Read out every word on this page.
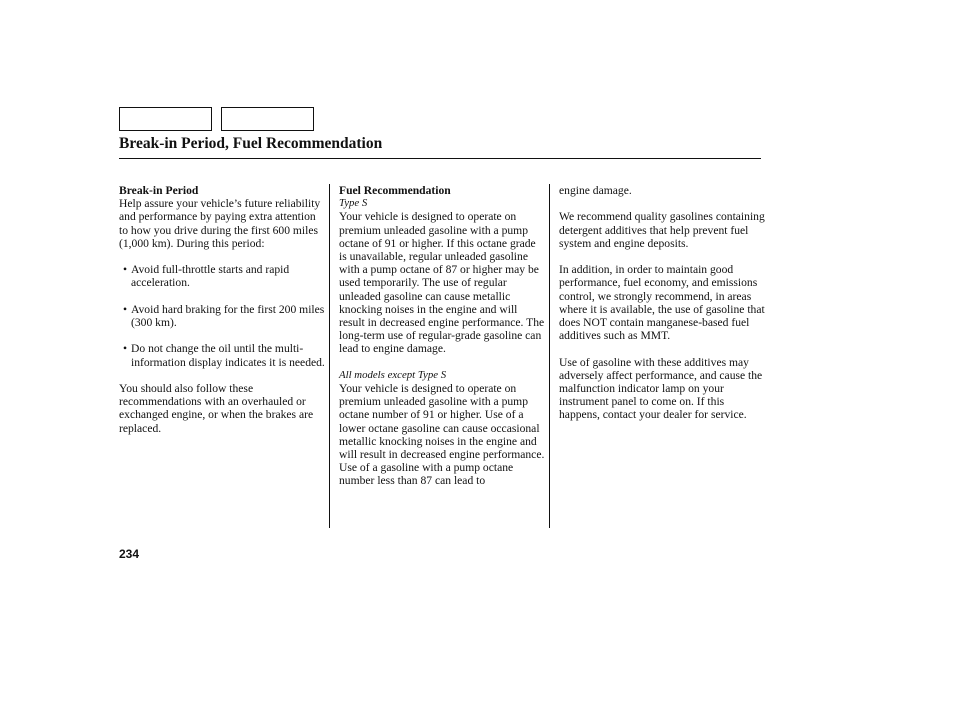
Break-in Period, Fuel Recommendation

Break-in Period

Help assure your vehicle’s future reliability and performance by paying extra attention to how you drive during the first 600 miles (1,000 km). During this period:

• Avoid full-throttle starts and rapid acceleration.
• Avoid hard braking for the first 200 miles (300 km).
• Do not change the oil until the multi-information display indicates it is needed.

You should also follow these recommendations with an overhauled or exchanged engine, or when the brakes are replaced.

Fuel Recommendation

Type S

Your vehicle is designed to operate on premium unleaded gasoline with a pump octane of 91 or higher. If this octane grade is unavailable, regular unleaded gasoline with a pump octane of 87 or higher may be used temporarily. The use of regular unleaded gasoline can cause metallic knocking noises in the engine and will result in decreased engine performance. The long-term use of regular-grade gasoline can lead to engine damage.

All models except Type S

Your vehicle is designed to operate on premium unleaded gasoline with a pump octane number of 91 or higher. Use of a lower octane gasoline can cause occasional metallic knocking noises in the engine and will result in decreased engine performance. Use of a gasoline with a pump octane number less than 87 can lead to

engine damage.

We recommend quality gasolines containing detergent additives that help prevent fuel system and engine deposits.

In addition, in order to maintain good performance, fuel economy, and emissions control, we strongly recommend, in areas where it is available, the use of gasoline that does NOT contain manganese-based fuel additives such as MMT.

Use of gasoline with these additives may adversely affect performance, and cause the malfunction indicator lamp on your instrument panel to come on. If this happens, contact your dealer for service.

234
